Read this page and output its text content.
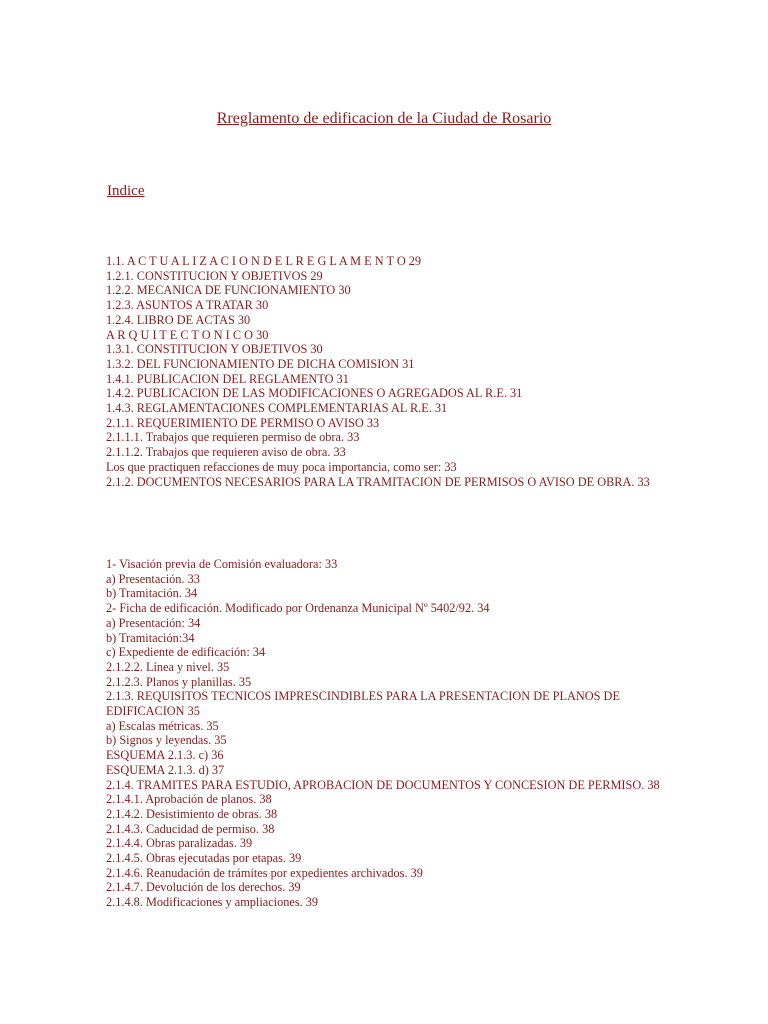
Rreglamento de edificacion de la Ciudad de Rosario
Indice
1.1. A C T U A L I Z A C I O N D E L R E G L A M E N T O 29
1.2.1. CONSTITUCION Y OBJETIVOS 29
1.2.2. MECANICA DE FUNCIONAMIENTO 30
1.2.3. ASUNTOS A TRATAR 30
1.2.4. LIBRO DE ACTAS 30
A R Q U I T E C T O N I C O 30
1.3.1. CONSTITUCION Y OBJETIVOS 30
1.3.2. DEL FUNCIONAMIENTO DE DICHA COMISION 31
1.4.1. PUBLICACION DEL REGLAMENTO 31
1.4.2. PUBLICACION DE LAS MODIFICACIONES O AGREGADOS AL R.E. 31
1.4.3. REGLAMENTACIONES COMPLEMENTARIAS AL R.E. 31
2.1.1. REQUERIMIENTO DE PERMISO O AVISO 33
2.1.1.1. Trabajos que requieren permiso de obra. 33
2.1.1.2. Trabajos que requieren aviso de obra. 33
Los que practiquen refacciones de muy poca importancia, como ser: 33
2.1.2. DOCUMENTOS NECESARIOS PARA LA TRAMITACION DE PERMISOS O AVISO DE OBRA. 33
1- Visación previa de Comisión evaluadora: 33
a) Presentación. 33
b) Tramitación. 34
2- Ficha de edificación. Modificado por Ordenanza Municipal Nº 5402/92. 34
a) Presentación: 34
b) Tramitación:34
c) Expediente de edificación: 34
2.1.2.2. Línea y nivel. 35
2.1.2.3. Planos y planillas. 35
2.1.3. REQUISITOS TECNICOS IMPRESCINDIBLES PARA LA PRESENTACION DE PLANOS DE EDIFICACION 35
a) Escalas métricas. 35
b) Signos y leyendas. 35
ESQUEMA 2.1.3. c) 36
ESQUEMA 2.1.3. d) 37
2.1.4. TRAMITES PARA ESTUDIO, APROBACION DE DOCUMENTOS Y CONCESION DE PERMISO. 38
2.1.4.1. Aprobación de planos. 38
2.1.4.2. Desistimiento de obras. 38
2.1.4.3. Caducidad de permiso. 38
2.1.4.4. Obras paralizadas. 39
2.1.4.5. Obras ejecutadas por etapas. 39
2.1.4.6. Reanudación de trámites por expedientes archivados. 39
2.1.4.7. Devolución de los derechos. 39
2.1.4.8. Modificaciones y ampliaciones. 39
